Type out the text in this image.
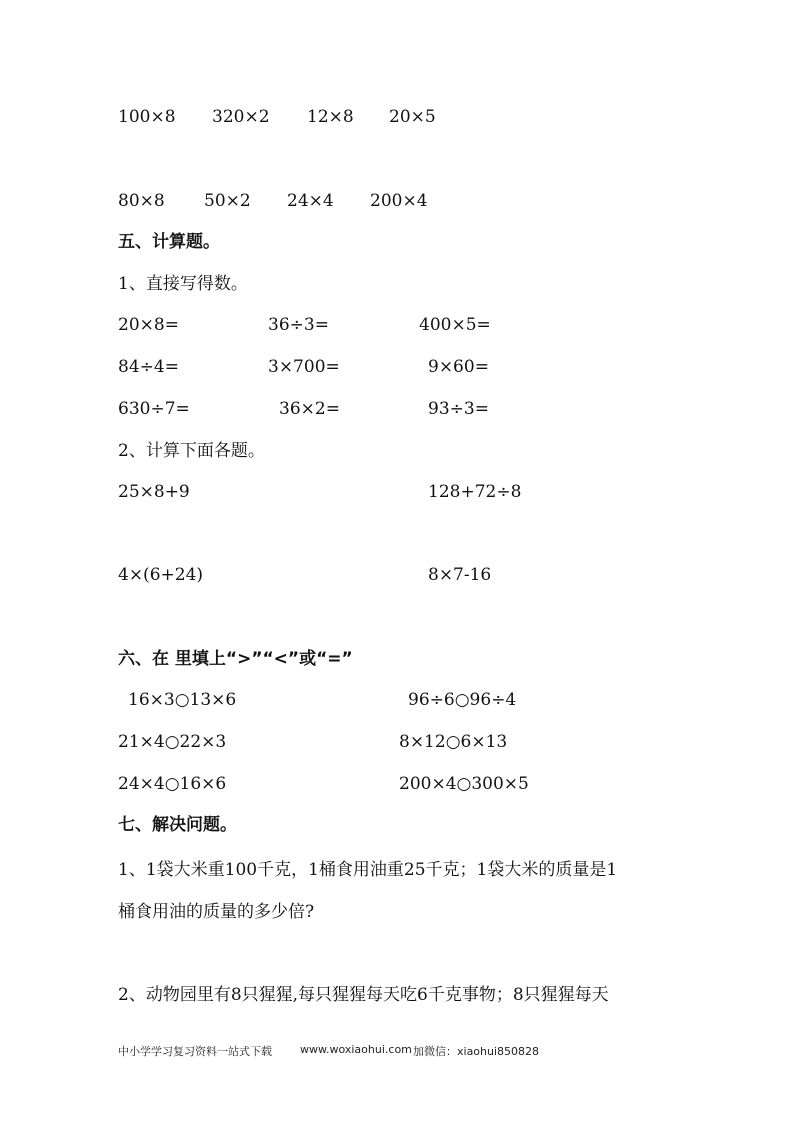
100×8 320×2 12×8 20×5
80×8 50×2 24×4 200×4
五、计算题。
1、直接写得数。
20×8=	36÷3=	400×5=
84÷4=	3×700=	9×60=
630÷7=	36×2=	93÷3=
2、计算下面各题。
25×8+9	128+72÷8
4×(6+24)	8×7-16
六、在 里填上“>”“<”或“=”
16×3○13×6	96÷6○96÷4
21×4○22×3	8×12○6×13
24×4○16×6	200×4○300×5
七、解决问题。
1、1袋大米重100千克，1桶食用油重25千克；1袋大米的质量是1
桶食用油的质量的多少倍?
2、动物园里有8只猩猩,每只猩猩每天吃6千克事物；8只猩猩每天
中小学学习复习资料一站式下载	www.woxiaohui.com 加微信：xiaohui850828
